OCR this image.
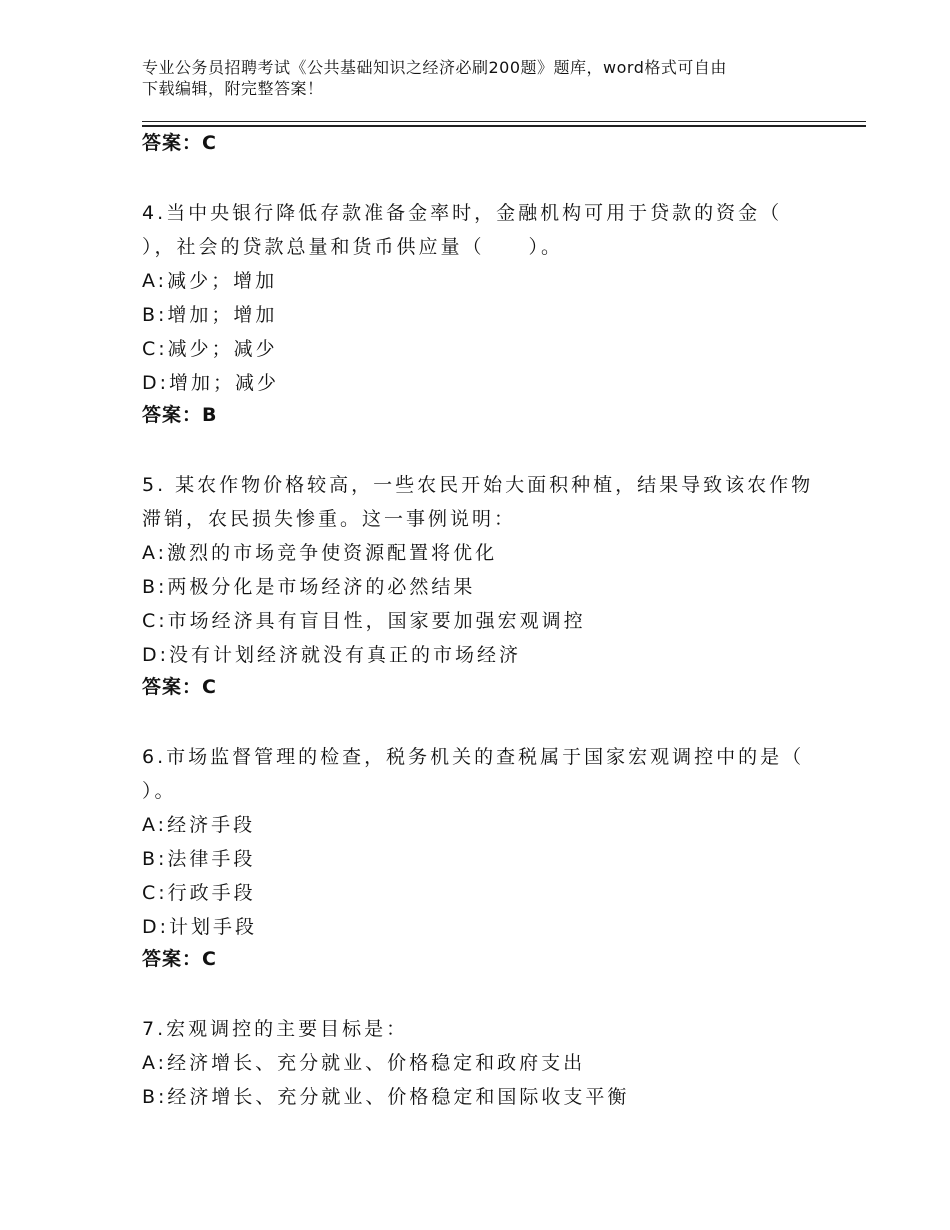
专业公务员招聘考试《公共基础知识之经济必刷200题》题库，word格式可自由
下载编辑，附完整答案！
答案：C
4.当中央银行降低存款准备金率时，金融机构可用于贷款的资金（
），社会的贷款总量和货币供应量（　　）。
A:减少；增加
B:增加；增加
C:减少；减少
D:增加；减少
答案：B
5. 某农作物价格较高，一些农民开始大面积种植，结果导致该农作物
滞销，农民损失惨重。这一事例说明：
A:激烈的市场竞争使资源配置将优化
B:两极分化是市场经济的必然结果
C:市场经济具有盲目性，国家要加强宏观调控
D:没有计划经济就没有真正的市场经济
答案：C
6.市场监督管理的检查，税务机关的查税属于国家宏观调控中的是（
）。
A:经济手段
B:法律手段
C:行政手段
D:计划手段
答案：C
7.宏观调控的主要目标是：
A:经济增长、充分就业、价格稳定和政府支出
B:经济增长、充分就业、价格稳定和国际收支平衡
